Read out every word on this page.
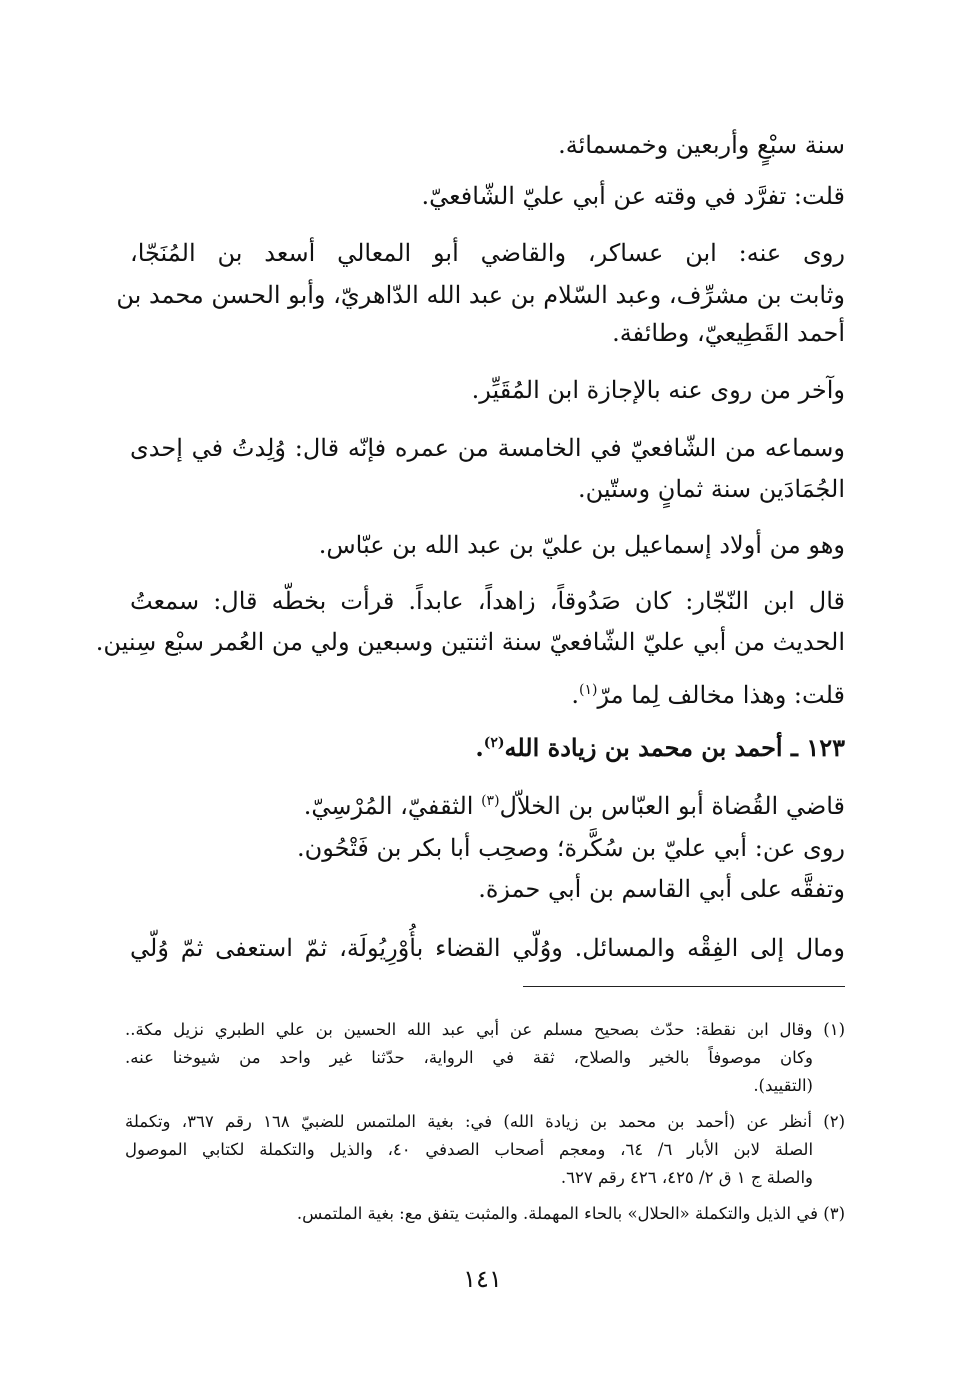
سنة سبْعٍ وأربعين وخمسمائة.
قلت: تفرَّد في وقته عن أبي عليّ الشّافعيّ.
روى عنه: ابن عساكر، والقاضي أبو المعالي أسعد بن المُنَجّا،
وثابت بن مشرِّف، وعبد السّلام بن عبد الله الدّاهريّ، وأبو الحسن محمد بن
أحمد القَطِيعيّ، وطائفة.
وآخر من روى عنه بالإجازة ابن المُقَيِّر.
وسماعه من الشّافعيّ في الخامسة من عمره فإنّه قال: وُلِدتُ في إحدى
الجُمَادَين سنة ثمانٍ وستّين.
وهو من أولاد إسماعيل بن عليّ بن عبد الله بن عبّاس.
قال ابن النّجّار: كان صَدُوقاً، زاهداً، عابداً. قرأت بخطّه قال: سمعتُ
الحديث من أبي عليّ الشّافعيّ سنة اثنتين وسبعين ولي من العُمر سبْع سِنين.
قلت: وهذا مخالف لِما مرّ$^{(١)}$.
١٢٣ ـ أحمد بن محمد بن زيادة الله$^{(٢)}$.
قاضي القُضاة أبو العبّاس بن الخلاّل$^{(٣)}$ الثقفيّ، المُرْسِيّ.
روى عن: أبي عليّ بن سُكَّرة؛ وصحِب أبا بكر بن فَتْحُون.
وتفقَّه على أبي القاسم بن أبي حمزة.
ومال إلى الفِقْه والمسائل. ووُلّي القضاء بأُوْرِيُولَة، ثمّ استعفى ثمّ وُلّي
(١) وقال ابن نقطة: حدّث بصحيح مسلم عن أبي عبد الله الحسين بن علي الطبري نزيل مكة..
وكان موصوفاً بالخير والصلاح، ثقة في الرواية، حدّثنا غير واحد من شيوخنا عنه.
(التقييد).
(٢) أنظر عن (أحمد بن محمد بن زيادة الله) في: بغية الملتمس للضبيّ ١٦٨ رقم ٣٦٧، وتكملة
الصلة لابن الأبار ٦/ ٦٤، ومعجم أصحاب الصدفي ٤٠، والذيل والتكملة لكتابي الموصول
والصلة ج ١ ق ٢/ ٤٢٥، ٤٢٦ رقم ٦٢٧.
(٣) في الذيل والتكملة «الحلال» بالحاء المهملة. والمثبت يتفق مع: بغية الملتمس.
١٤١
